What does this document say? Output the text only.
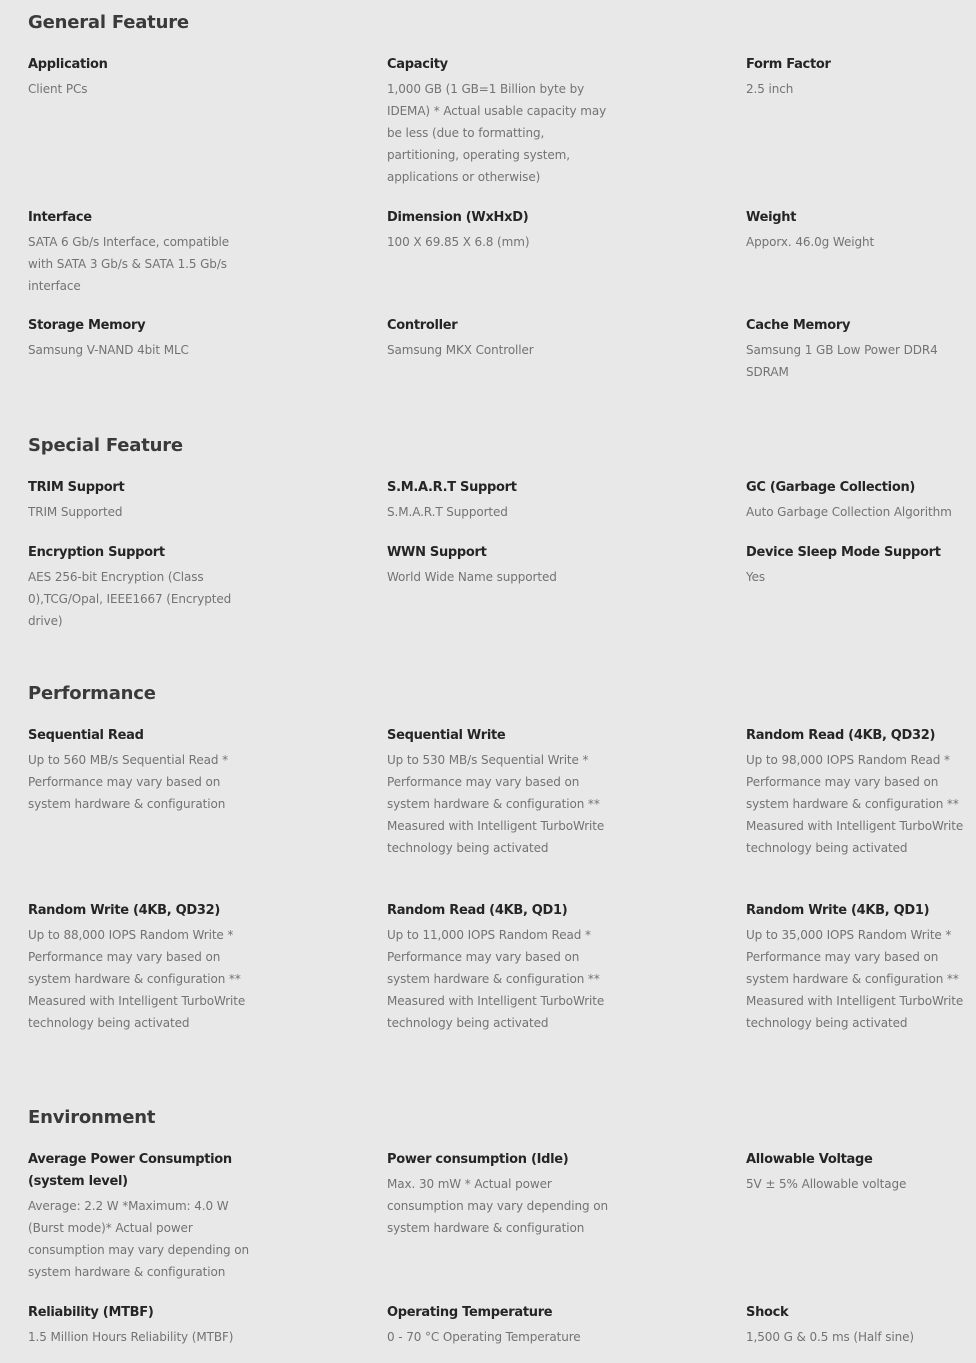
General Feature
Application
Client PCs
Capacity
1,000 GB (1 GB=1 Billion byte by IDEMA) * Actual usable capacity may be less (due to formatting, partitioning, operating system, applications or otherwise)
Form Factor
2.5 inch
Interface
SATA 6 Gb/s Interface, compatible with SATA 3 Gb/s & SATA 1.5 Gb/s interface
Dimension (WxHxD)
100 X 69.85 X 6.8 (mm)
Weight
Apporx. 46.0g Weight
Storage Memory
Samsung V-NAND 4bit MLC
Controller
Samsung MKX Controller
Cache Memory
Samsung 1 GB Low Power DDR4 SDRAM
Special Feature
TRIM Support
TRIM Supported
S.M.A.R.T Support
S.M.A.R.T Supported
GC (Garbage Collection)
Auto Garbage Collection Algorithm
Encryption Support
AES 256-bit Encryption (Class 0),TCG/Opal, IEEE1667 (Encrypted drive)
WWN Support
World Wide Name supported
Device Sleep Mode Support
Yes
Performance
Sequential Read
Up to 560 MB/s Sequential Read * Performance may vary based on system hardware & configuration
Sequential Write
Up to 530 MB/s Sequential Write * Performance may vary based on system hardware & configuration ** Measured with Intelligent TurboWrite technology being activated
Random Read (4KB, QD32)
Up to 98,000 IOPS Random Read * Performance may vary based on system hardware & configuration ** Measured with Intelligent TurboWrite technology being activated
Random Write (4KB, QD32)
Up to 88,000 IOPS Random Write * Performance may vary based on system hardware & configuration ** Measured with Intelligent TurboWrite technology being activated
Random Read (4KB, QD1)
Up to 11,000 IOPS Random Read * Performance may vary based on system hardware & configuration ** Measured with Intelligent TurboWrite technology being activated
Random Write (4KB, QD1)
Up to 35,000 IOPS Random Write * Performance may vary based on system hardware & configuration ** Measured with Intelligent TurboWrite technology being activated
Environment
Average Power Consumption (system level)
Average: 2.2 W *Maximum: 4.0 W (Burst mode)* Actual power consumption may vary depending on system hardware & configuration
Power consumption (Idle)
Max. 30 mW * Actual power consumption may vary depending on system hardware & configuration
Allowable Voltage
5V ± 5% Allowable voltage
Reliability (MTBF)
1.5 Million Hours Reliability (MTBF)
Operating Temperature
0 - 70 °C Operating Temperature
Shock
1,500 G & 0.5 ms (Half sine)
